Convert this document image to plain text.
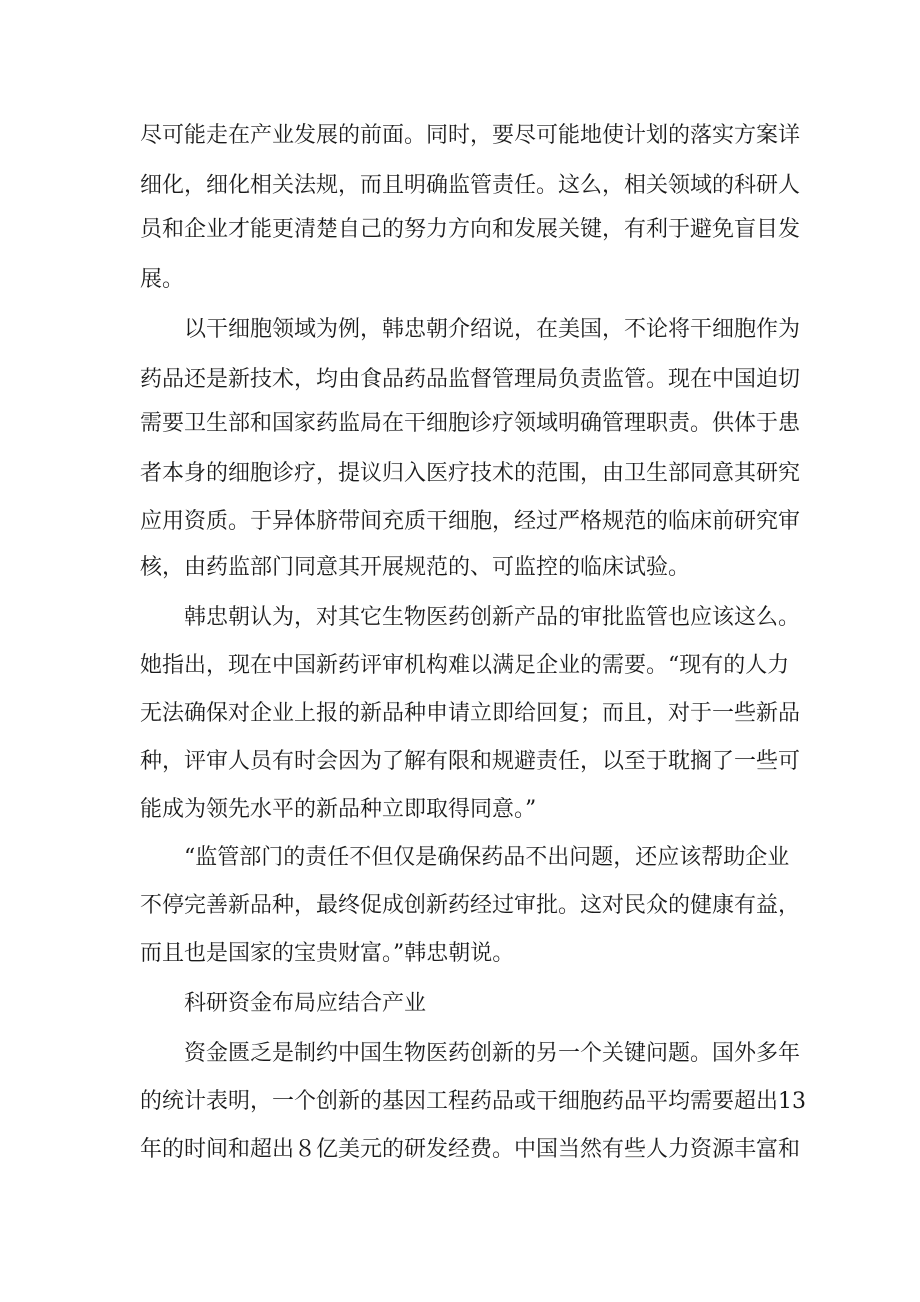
尽可能走在产业发展的前面。同时，要尽可能地使计划的落实方案详

细化，细化相关法规，而且明确监管责任。这么，相关领域的科研人

员和企业才能更清楚自己的努力方向和发展关键，有利于避免盲目发

展。

以干细胞领域为例，韩忠朝介绍说，在美国，不论将干细胞作为

药品还是新技术，均由食品药品监督管理局负责监管。现在中国迫切

需要卫生部和国家药监局在干细胞诊疗领域明确管理职责。供体于患

者本身的细胞诊疗，提议归入医疗技术的范围，由卫生部同意其研究

应用资质。于异体脐带间充质干细胞，经过严格规范的临床前研究审

核，由药监部门同意其开展规范的、可监控的临床试验。

韩忠朝认为，对其它生物医药创新产品的审批监管也应该这么。

她指出，现在中国新药评审机构难以满足企业的需要。“现有的人力

无法确保对企业上报的新品种申请立即给回复；而且，对于一些新品

种，评审人员有时会因为了解有限和规避责任，以至于耽搁了一些可

能成为领先水平的新品种立即取得同意。”

“监管部门的责任不但仅是确保药品不出问题，还应该帮助企业

不停完善新品种，最终促成创新药经过审批。这对民众的健康有益，

而且也是国家的宝贵财富。”韩忠朝说。

科研资金布局应结合产业

资金匮乏是制约中国生物医药创新的另一个关键问题。国外多年

的统计表明，一个创新的基因工程药品或干细胞药品平均需要超出13

年的时间和超出８亿美元的研发经费。中国当然有些人力资源丰富和
